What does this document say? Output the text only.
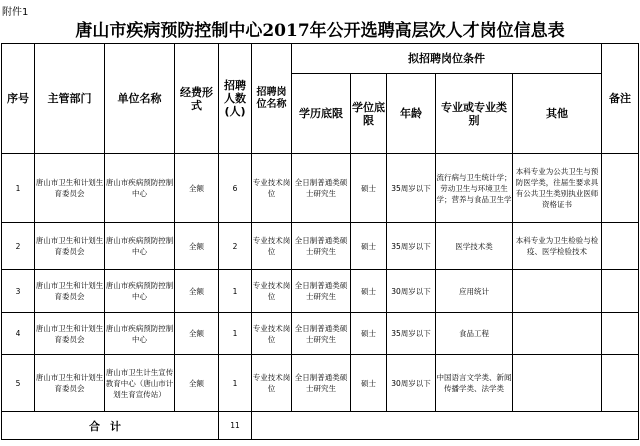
附件1
唐山市疾病预防控制中心2017年公开选聘高层次人才岗位信息表
序号	主管部门	单位名称	经费形式	招聘人数(人)	招聘岗位名称	拟招聘岗位条件					备注
						学历底限	学位底限	年龄	专业或专业类别	其他	
1	唐山市卫生和计划生育委员会	唐山市疾病预防控制中心	全额	6	专业技术岗位	全日制普通类硕士研究生	硕士	35周岁以下	流行病与卫生统计学；劳动卫生与环境卫生学；营养与食品卫生学	本科专业为公共卫生与预防医学类，往届生要求具有公共卫生类别执业医师资格证书	
2	唐山市卫生和计划生育委员会	唐山市疾病预防控制中心	全额	2	专业技术岗位	全日制普通类硕士研究生	硕士	35周岁以下	医学技术类	本科专业为卫生检验与检疫、医学检验技术	
3	唐山市卫生和计划生育委员会	唐山市疾病预防控制中心	全额	1	专业技术岗位	全日制普通类硕士研究生	硕士	30周岁以下	应用统计		
4	唐山市卫生和计划生育委员会	唐山市疾病预防控制中心	全额	1	专业技术岗位	全日制普通类硕士研究生	硕士	35周岁以下	食品工程		
5	唐山市卫生和计划生育委员会	唐山市卫生计生宣传教育中心（唐山市计划生育宣传站）	全额	1	专业技术岗位	全日制普通类硕士研究生	硕士	30周岁以下	中国语言文学类、新闻传播学类、法学类		
合计				11							
